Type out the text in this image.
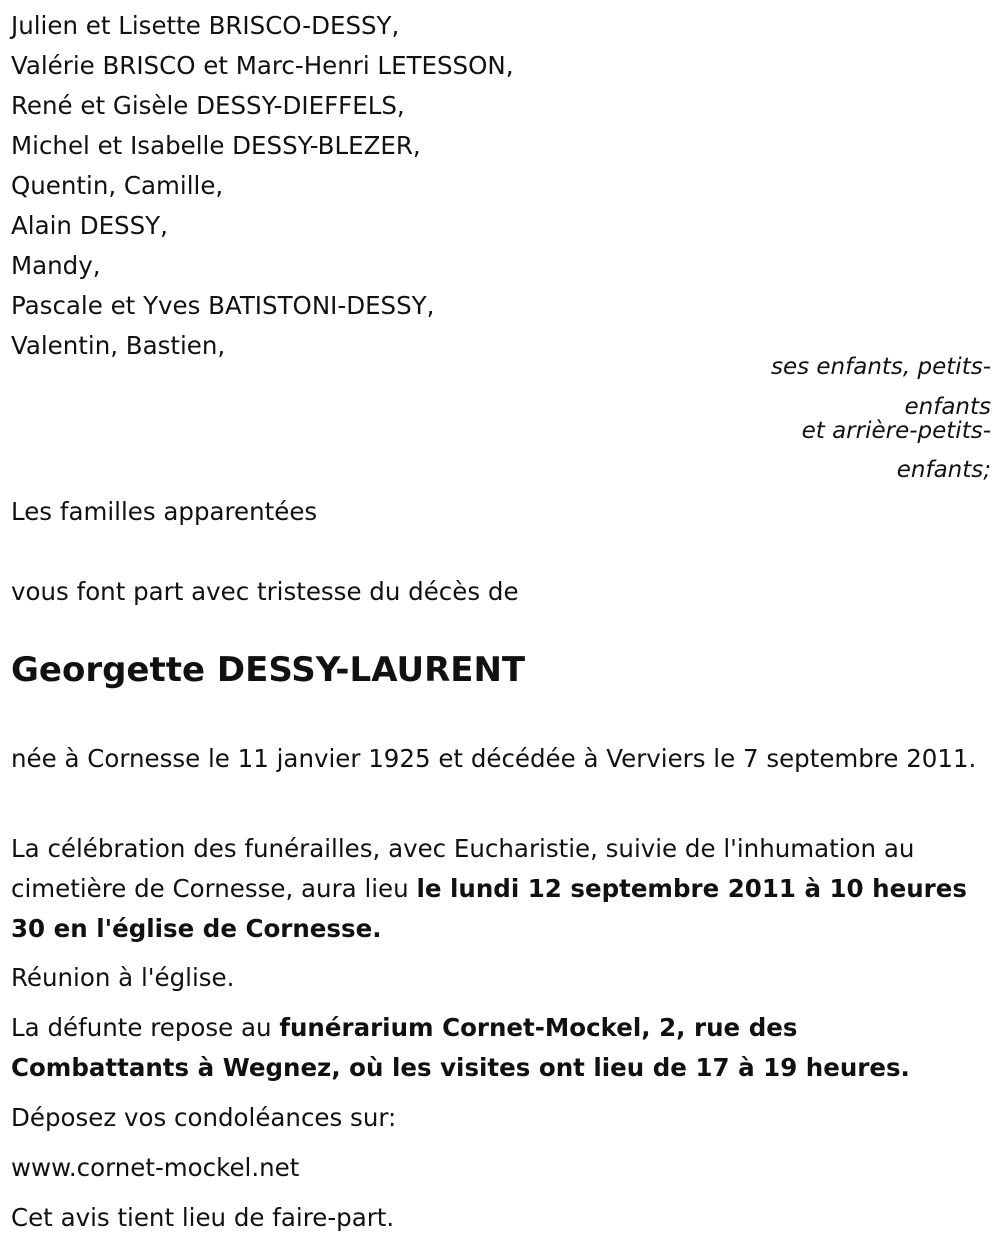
Julien et Lisette BRISCO-DESSY,
Valérie BRISCO et Marc-Henri LETESSON,
René et Gisèle DESSY-DIEFFELS,
Michel et Isabelle DESSY-BLEZER,
Quentin, Camille,
Alain DESSY,
Mandy,
Pascale et Yves BATISTONI-DESSY,
Valentin, Bastien,
ses enfants, petits-
enfants
et arrière-petits-
enfants;
Les familles apparentées
vous font part avec tristesse du décès de
Georgette DESSY-LAURENT
née à Cornesse le 11 janvier 1925 et décédée à Verviers le 7 septembre 2011.
La célébration des funérailles, avec Eucharistie, suivie de l'inhumation au cimetière de Cornesse, aura lieu le lundi 12 septembre 2011 à 10 heures 30 en l'église de Cornesse.
Réunion à l'église.
La défunte repose au funérarium Cornet-Mockel, 2, rue des Combattants à Wegnez, où les visites ont lieu de 17 à 19 heures.
Déposez vos condoléances sur:
www.cornet-mockel.net
Cet avis tient lieu de faire-part.
